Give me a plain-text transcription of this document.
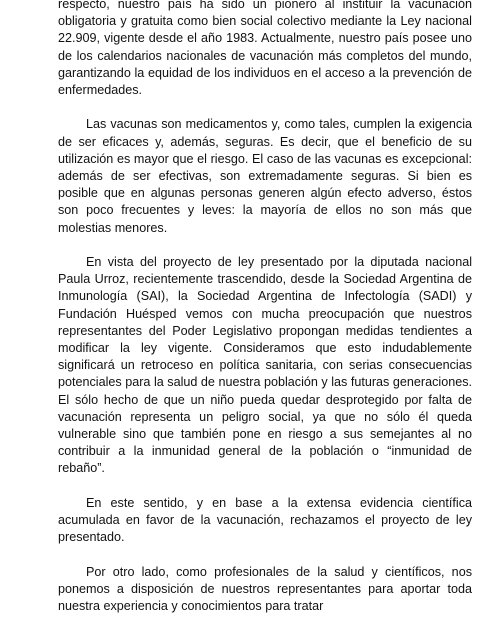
respecto, nuestro país ha sido un pionero al instituir la vacunación obligatoria y gratuita como bien social colectivo mediante la Ley nacional 22.909, vigente desde el año 1983. Actualmente, nuestro país posee uno de los calendarios nacionales de vacunación más completos del mundo, garantizando la equidad de los individuos en el acceso a la prevención de enfermedades.

Las vacunas son medicamentos y, como tales, cumplen la exigencia de ser eficaces y, además, seguras. Es decir, que el beneficio de su utilización es mayor que el riesgo. El caso de las vacunas es excepcional: además de ser efectivas, son extremadamente seguras. Si bien es posible que en algunas personas generen algún efecto adverso, éstos son poco frecuentes y leves: la mayoría de ellos no son más que molestias menores.

En vista del proyecto de ley presentado por la diputada nacional Paula Urroz, recientemente trascendido, desde la Sociedad Argentina de Inmunología (SAI), la Sociedad Argentina de Infectología (SADI) y Fundación Huésped vemos con mucha preocupación que nuestros representantes del Poder Legislativo propongan medidas tendientes a modificar la ley vigente. Consideramos que esto indudablemente significará un retroceso en política sanitaria, con serias consecuencias potenciales para la salud de nuestra población y las futuras generaciones. El sólo hecho de que un niño pueda quedar desprotegido por falta de vacunación representa un peligro social, ya que no sólo él queda vulnerable sino que también pone en riesgo a sus semejantes al no contribuir a la inmunidad general de la población o “inmunidad de rebaño”.

En este sentido, y en base a la extensa evidencia científica acumulada en favor de la vacunación, rechazamos el proyecto de ley presentado.

Por otro lado, como profesionales de la salud y científicos, nos ponemos a disposición de nuestros representantes para aportar toda nuestra experiencia y conocimientos para tratar
